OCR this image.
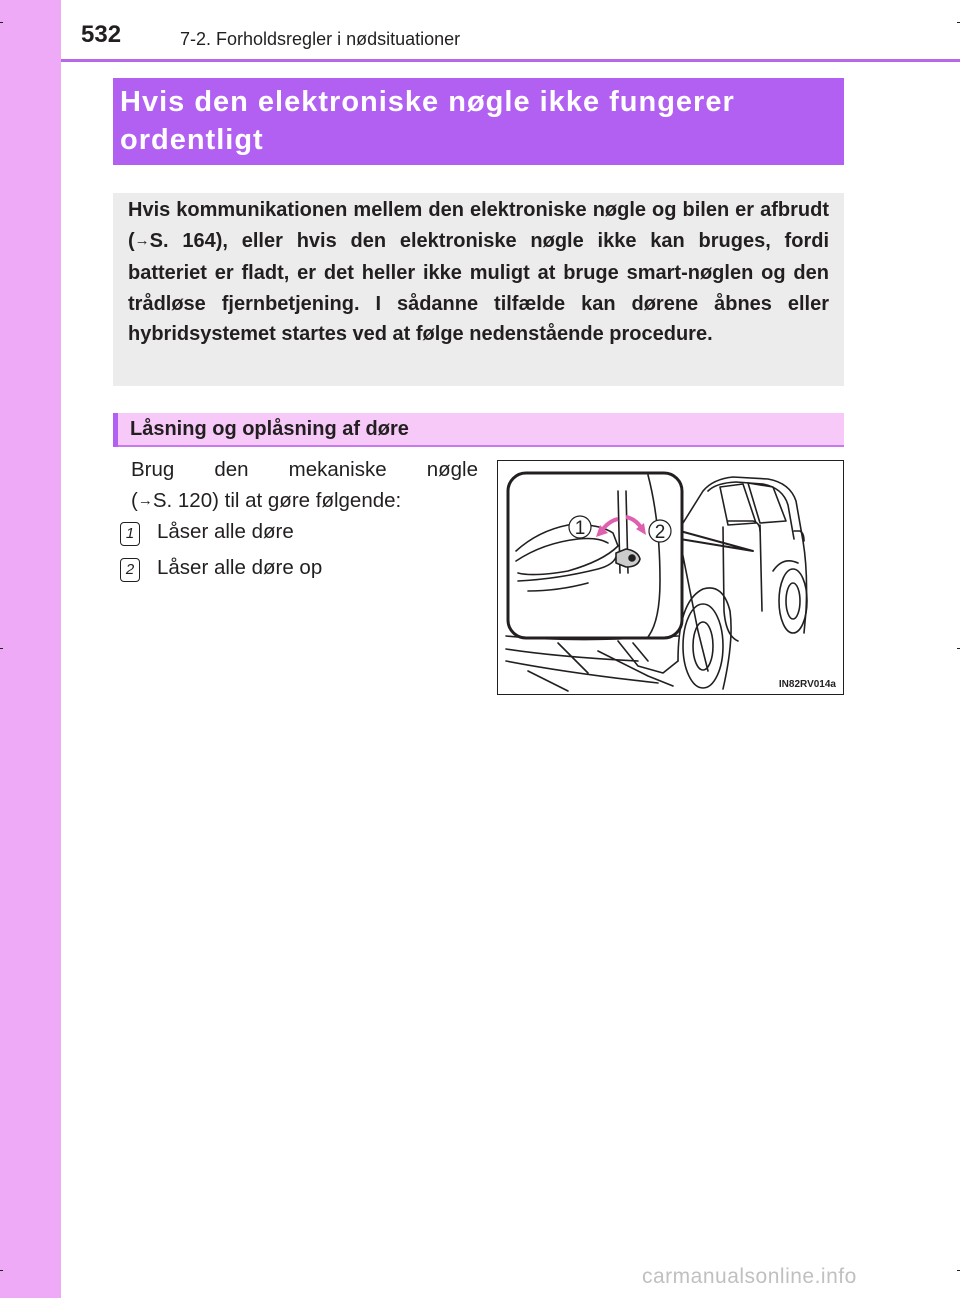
532	7-2. Forholdsregler i nødsituationer
Hvis den elektroniske nøgle ikke fungerer ordentligt
Hvis kommunikationen mellem den elektroniske nøgle og bilen er afbrudt (→S. 164), eller hvis den elektroniske nøgle ikke kan bruges, fordi batteriet er fladt, er det heller ikke muligt at bruge smart-nøglen og den trådløse fjernbetjening. I sådanne tilfælde kan dørene åbnes eller hybridsystemet startes ved at følge nedenstående procedure.
Låsning og oplåsning af døre
Brug den mekaniske nøgle
(→S. 120) til at gøre følgende:
1 Låser alle døre
2 Låser alle døre op
1	2
IN82RV014a
carmanualsonline.info
